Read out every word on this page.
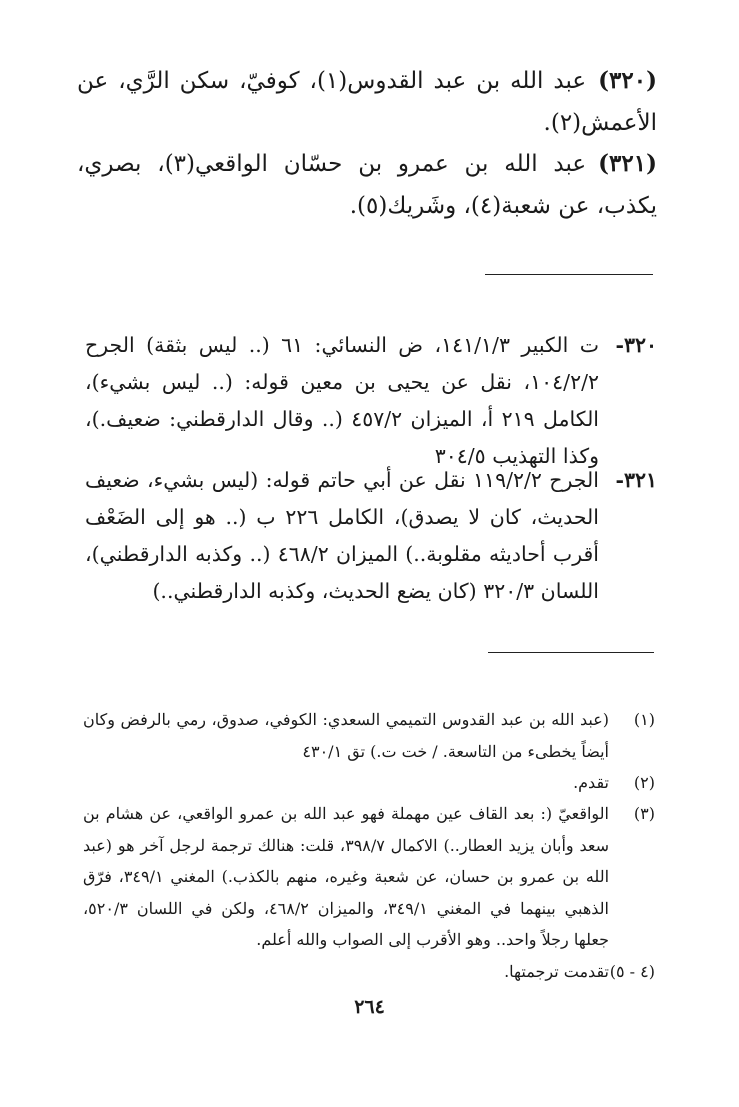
(٣٢٠)عبد الله بن عبد القدوس(١)، كوفيّ، سكن الرَّي، عن الأعمش(٢).
(٣٢١)عبد الله بن عمرو بن حسّان الواقعي(٣)، بصري، يكذب، عن شعبة(٤)، وشَريك(٥).
٣٢٠-
ت الكبير ١٤١/١/٣، ض النسائي: ٦١ (.. ليس بثقة) الجرح ١٠٤/٢/٢، نقل عن يحيى بن معين قوله: (.. ليس بشيء)، الكامل ٢١٩ أ، الميزان ٤٥٧/٢ (.. وقال الدارقطني: ضعيف.)، وكذا التهذيب ٣٠٤/٥
٣٢١-
الجرح ١١٩/٢/٢ نقل عن أبي حاتم قوله: (ليس بشيء، ضعيف الحديث، كان لا يصدق)، الكامل ٢٢٦ ب (.. هو إلى الضَعْف أقرب أحاديثه مقلوبة..) الميزان ٤٦٨/٢ (.. وكذبه الدارقطني)، اللسان ٣٢٠/٣ (كان يضع الحديث، وكذبه الدارقطني..)
(١)
(عبد الله بن عبد القدوس التميمي السعدي: الكوفي، صدوق، رمي بالرفض وكان أيضاً يخطىء من التاسعة. / خت ت.) تق ٤٣٠/١
(٢)
تقدم.
(٣)
الواقعيّ (: بعد القاف عين مهملة فهو عبد الله بن عمرو الواقعي، عن هشام بن سعد وأبان يزيد العطار..) الاكمال ٣٩٨/٧، قلت: هنالك ترجمة لرجل آخر هو (عبد الله بن عمرو بن حسان، عن شعبة وغيره، منهم بالكذب.) المغني ٣٤٩/١، فرّق الذهبي بينهما في المغني ٣٤٩/١، والميزان ٤٦٨/٢، ولكن في اللسان ٥٢٠/٣، جعلها رجلاً واحد.. وهو الأقرب إلى الصواب والله أعلم.
(٤ - ٥)
تقدمت ترجمتها.
٢٦٤
